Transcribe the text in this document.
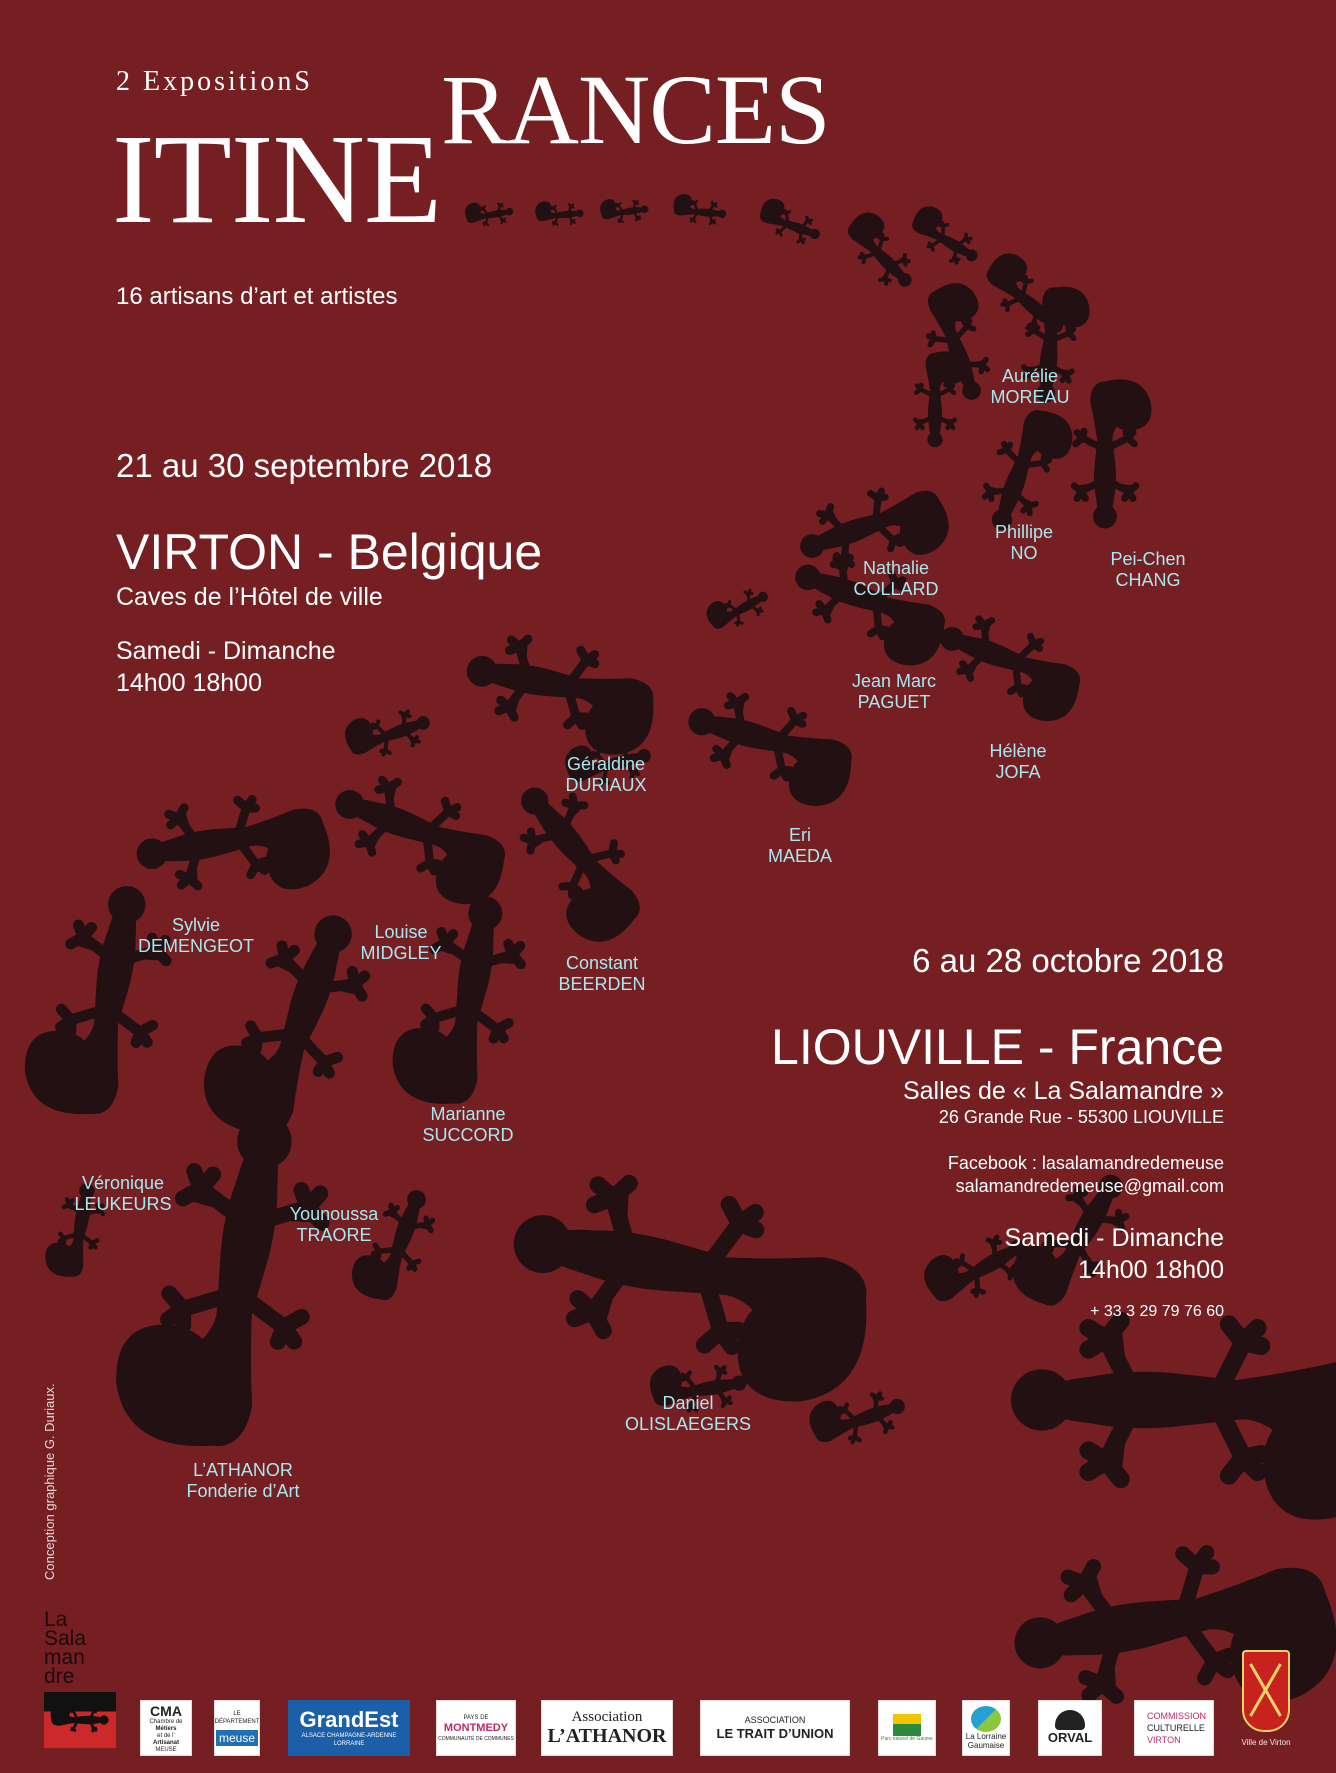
2 ExpositionS
ITINERANCES
16 artisans d’art et artistes
21 au 30 septembre 2018
VIRTON - Belgique
Caves de l’Hôtel de ville
Samedi - Dimanche
14h00 18h00
6 au 28 octobre 2018
LIOUVILLE - France
Salles de « La Salamandre »
26 Grande Rue - 55300 LIOUVILLE
Facebook : lasalamandredemeuse
salamandredemeuse@gmail.com
Samedi - Dimanche
14h00 18h00
+ 33 3 29 79 76 60
Aurélie
MOREAU
Phillipe
NO	Pei-Chen
CHANG
Nathalie
COLLARD
Jean Marc
PAGUET
Hélène
JOFA
Géraldine
DURIAUX
Eri
MAEDA
Sylvie
DEMENGEOT
Louise
MIDGLEY	Constant
BEERDEN
Marianne
SUCCORD
Véronique
LEUKEURS	Younoussa
TRAORE
L’ATHANOR
Fonderie d’Art
Daniel
OLISLAEGERS
Conception graphique G. Duriaux.
La
Sala
man
dre
CMA
Chambre de
Métiers
et de l’
Artisanat
MEUSE
LE DÉPARTEMENT
meuse
GrandEst
ALSACE CHAMPAGNE-ARDENNE LORRAINE
PAYS DE
MONTMEDY
COMMUNAUTÉ DE COMMUNES
Association
L’ATHANOR
ASSOCIATION
LE TRAIT D’UNION	Parc naturel de Gaume	La Lorraine
Gaumaise
ORVAL
COMMISSION
CULTURELLE
VIRTON	Ville de Virton
